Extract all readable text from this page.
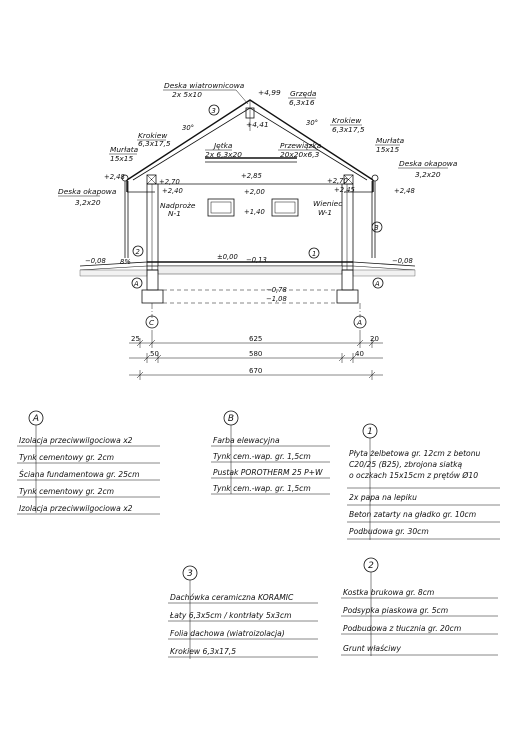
Deska wiatrownicowa
2x 5x10	+4,99 Grzęda
6,3x16
+4,41
30°
30°
Krokiew
6,3x17,5
Krokiew
6,3x17,5
Jętka
2x 6,3x20
Przewiązka
20x20x6,3
Murłata
15x15
Murłata
15x15
Deska okapowa
3,2x20
Deska okapowa
3,2x20
+2,48
+2,70
+2,40
+2,85
+2,00
+1,40
+2,70
+2,45	+2,48
Nadproże
N-1
Wieniec
W-1
±0,00 −0,13
−0,08	−0,08
8%
−0,78
−1,08
3
B
1
2
A	A
C	A
25	625	20
50	580	40
670
A
Izolacja przeciwwilgociowa x2
Tynk cementowy gr. 2cm
Ściana fundamentowa gr. 25cm
Tynk cementowy gr. 2cm
Izolacja przeciwwilgociowa x2
B
Farba elewacyjna
Tynk cem.-wap. gr. 1,5cm
Pustak POROTHERM 25 P+W
Tynk cem.-wap. gr. 1,5cm
1
Płyta żelbetowa gr. 12cm z betonu
C20/25 (B25), zbrojona siatką
o oczkach 15x15cm z prętów Ø10
2x papa na lepiku
Beton zatarty na gładko gr. 10cm
Podbudowa gr. 30cm
3
Dachówka ceramiczna KORAMIC
Łaty 6,3x5cm / kontrłaty 5x3cm
Folia dachowa (wiatroizolacja)
Krokiew 6,3x17,5
2
Kostka brukowa gr. 8cm
Podsypka piaskowa gr. 5cm
Podbudowa z tłucznia gr. 20cm
Grunt właściwy
